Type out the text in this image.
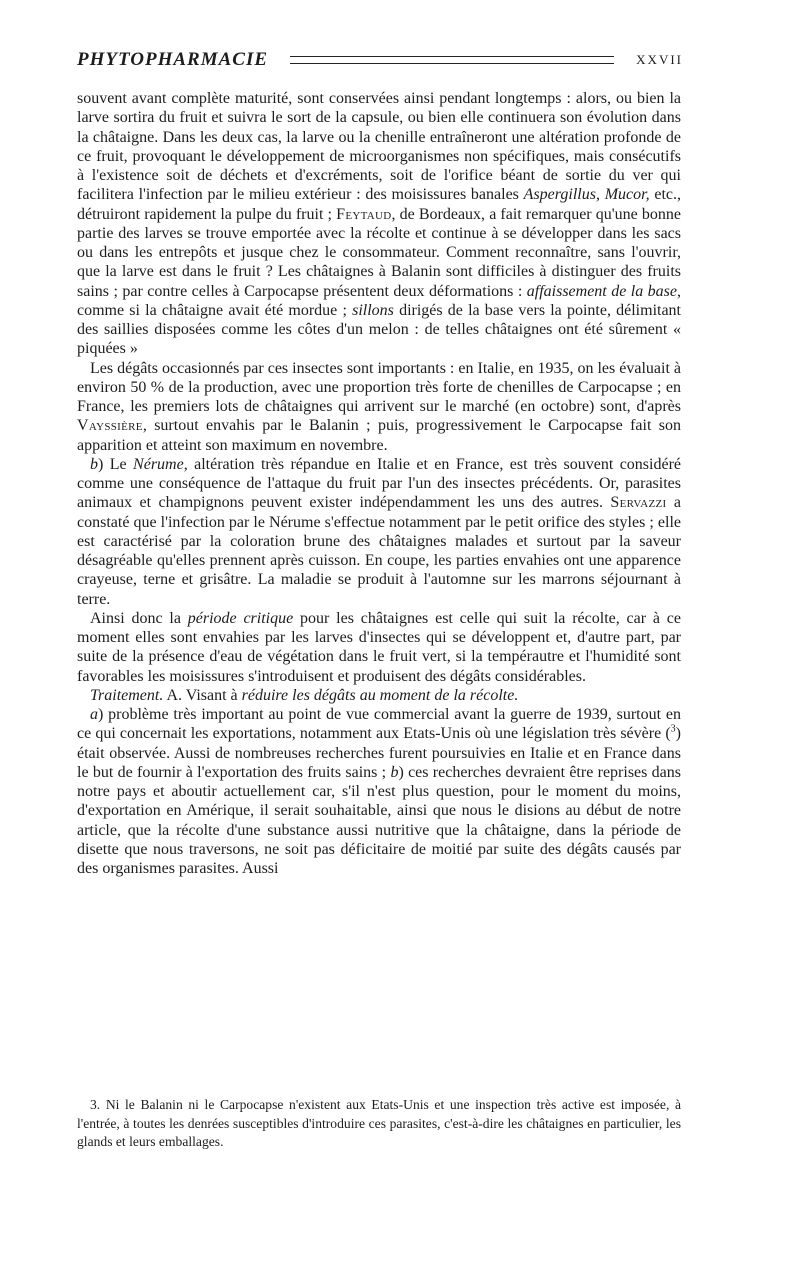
PHYTOPHARMACIE	XXVII

souvent avant complète maturité, sont conservées ainsi pendant longtemps : alors, ou bien la larve sortira du fruit et suivra le sort de la capsule, ou bien elle continuera son évolution dans la châtaigne. Dans les deux cas, la larve ou la chenille entraîneront une altération profonde de ce fruit, provoquant le développement de microorganismes non spécifiques, mais consécutifs à l'existence soit de déchets et d'excréments, soit de l'orifice béant de sortie du ver qui facilitera l'infection par le milieu extérieur : des moisissures banales Aspergillus, Mucor, etc., détruiront rapidement la pulpe du fruit ; Feytaud, de Bordeaux, a fait remarquer qu'une bonne partie des larves se trouve emportée avec la récolte et continue à se développer dans les sacs ou dans les entrepôts et jusque chez le consommateur. Comment reconnaître, sans l'ouvrir, que la larve est dans le fruit ? Les châtaignes à Balanin sont difficiles à distinguer des fruits sains ; par contre celles à Carpocapse présentent deux déformations : affaissement de la base, comme si la châtaigne avait été mordue ; sillons dirigés de la base vers la pointe, délimitant des saillies disposées comme les côtes d'un melon : de telles châtaignes ont été sûrement « piquées »

Les dégâts occasionnés par ces insectes sont importants : en Italie, en 1935, on les évaluait à environ 50 % de la production, avec une proportion très forte de chenilles de Carpocapse ; en France, les premiers lots de châtaignes qui arrivent sur le marché (en octobre) sont, d'après Vayssière, surtout envahis par le Balanin ; puis, progressivement le Carpocapse fait son apparition et atteint son maximum en novembre.

b) Le Nérume, altération très répandue en Italie et en France, est très souvent considéré comme une conséquence de l'attaque du fruit par l'un des insectes précédents. Or, parasites animaux et champignons peuvent exister indépendamment les uns des autres. Servazzi a constaté que l'infection par le Nérume s'effectue notamment par le petit orifice des styles ; elle est caractérisé par la coloration brune des châtaignes malades et surtout par la saveur désagréable qu'elles prennent après cuisson. En coupe, les parties envahies ont une apparence crayeuse, terne et grisâtre. La maladie se produit à l'automne sur les marrons séjournant à terre.

Ainsi donc la période critique pour les châtaignes est celle qui suit la récolte, car à ce moment elles sont envahies par les larves d'insectes qui se développent et, d'autre part, par suite de la présence d'eau de végétation dans le fruit vert, si la tempérautre et l'humidité sont favorables les moisissures s'introduisent et produisent des dégâts considérables.

Traitement. A. Visant à réduire les dégâts au moment de la récolte.

a) problème très important au point de vue commercial avant la guerre de 1939, surtout en ce qui concernait les exportations, notamment aux Etats-Unis où une législation très sévère ($^3$) était observée. Aussi de nombreuses recherches furent poursuivies en Italie et en France dans le but de fournir à l'exportation des fruits sains ; b) ces recherches devraient être reprises dans notre pays et aboutir actuellement car, s'il n'est plus question, pour le moment du moins, d'exportation en Amérique, il serait souhaitable, ainsi que nous le disions au début de notre article, que la récolte d'une substance aussi nutritive que la châtaigne, dans la période de disette que nous traversons, ne soit pas déficitaire de moitié par suite des dégâts causés par des organismes parasites. Aussi

3. Ni le Balanin ni le Carpocapse n'existent aux Etats-Unis et une inspection très active est imposée, à l'entrée, à toutes les denrées susceptibles d'introduire ces parasites, c'est-à-dire les châtaignes en particulier, les glands et leurs emballages.
